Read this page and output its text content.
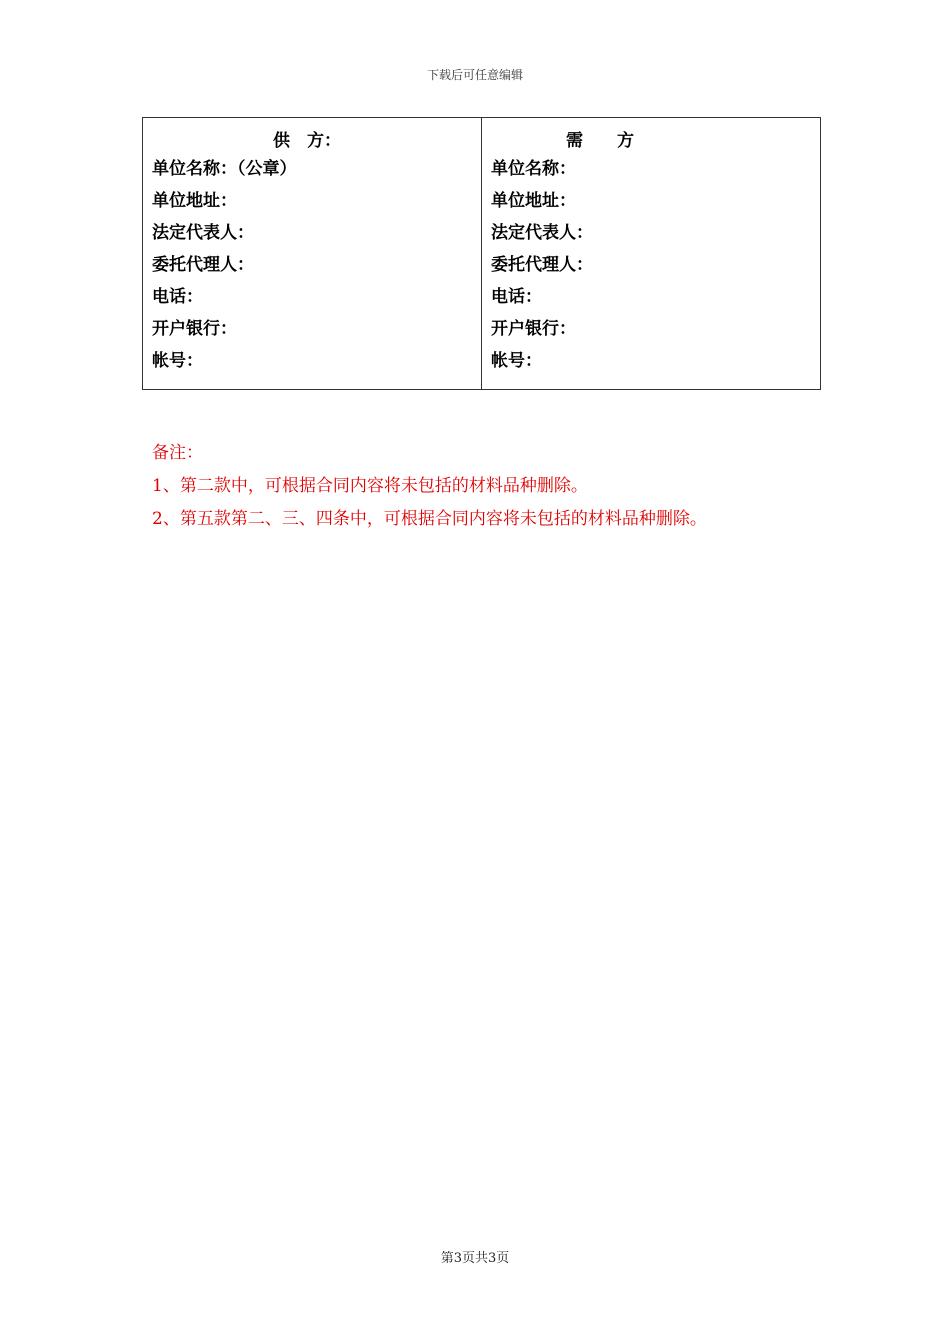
下载后可任意编辑
供　方：
单位名称：（公章）
单位地址：
法定代表人：
委托代理人：
电话：
开户银行：
帐号：
需　　方
单位名称：
单位地址：
法定代表人：
委托代理人：
电话：
开户银行：
帐号：
备注：
1、第二款中，可根据合同内容将未包括的材料品种删除。
2、第五款第二、三、四条中，可根据合同内容将未包括的材料品种删除。
第3页共3页
